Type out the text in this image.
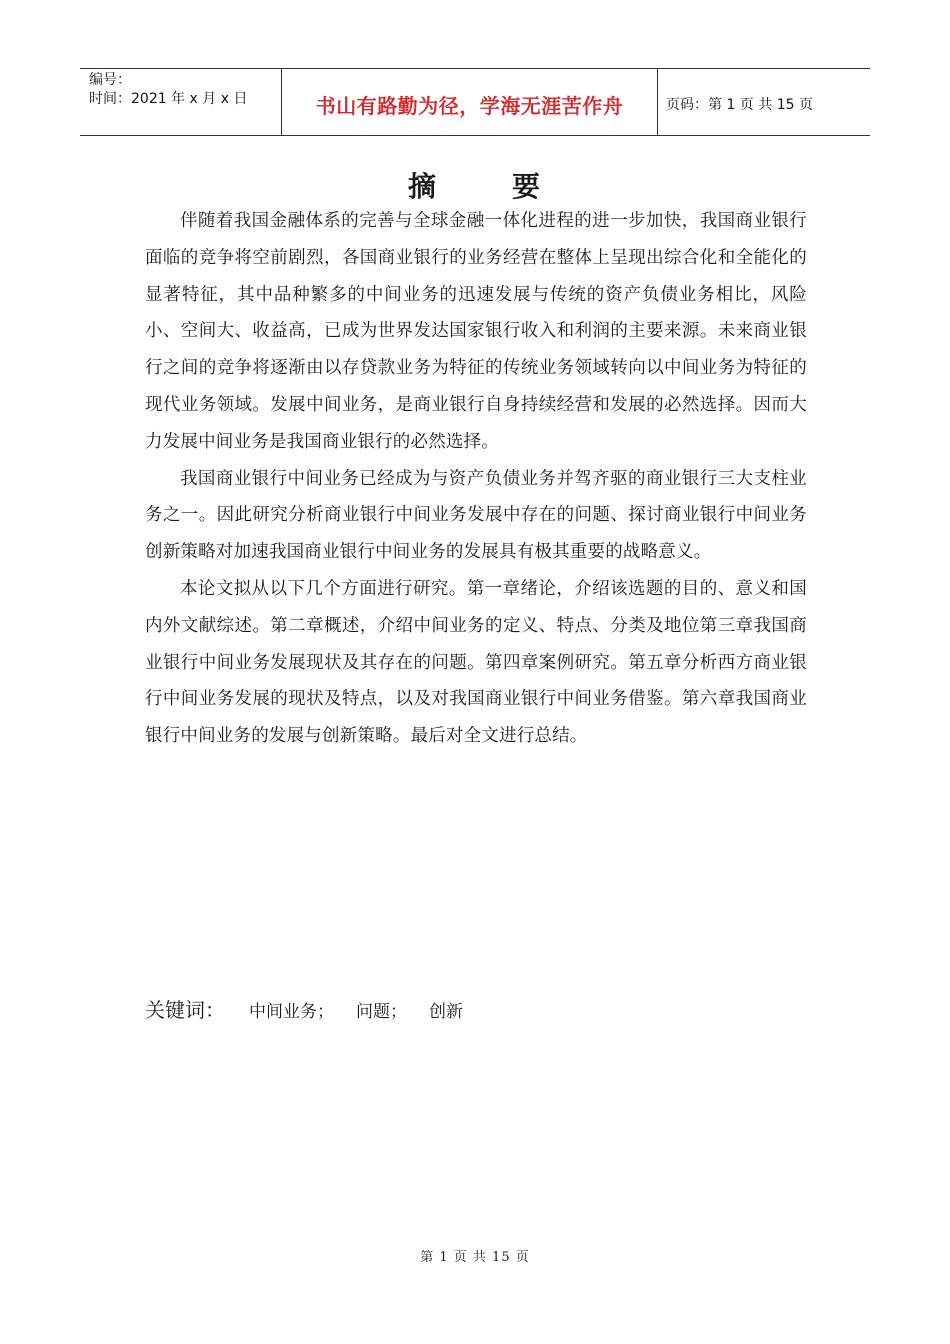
编号：
时间：2021 年 x 月 x 日	书山有路勤为径，学海无涯苦作舟	页码：第 1 页 共 15 页
摘	要

伴随着我国金融体系的完善与全球金融一体化进程的进一步加快，我国商业银行面临的竞争将空前剧烈，各国商业银行的业务经营在整体上呈现出综合化和全能化的显著特征，其中品种繁多的中间业务的迅速发展与传统的资产负债业务相比，风险小、空间大、收益高，已成为世界发达国家银行收入和利润的主要来源。未来商业银行之间的竞争将逐渐由以存贷款业务为特征的传统业务领域转向以中间业务为特征的现代业务领域。发展中间业务，是商业银行自身持续经营和发展的必然选择。因而大力发展中间业务是我国商业银行的必然选择。

我国商业银行中间业务已经成为与资产负债业务并驾齐驱的商业银行三大支柱业务之一。因此研究分析商业银行中间业务发展中存在的问题、探讨商业银行中间业务创新策略对加速我国商业银行中间业务的发展具有极其重要的战略意义。

本论文拟从以下几个方面进行研究。第一章绪论，介绍该选题的目的、意义和国内外文献综述。第二章概述，介绍中间业务的定义、特点、分类及地位第三章我国商业银行中间业务发展现状及其存在的问题。第四章案例研究。第五章分析西方商业银行中间业务发展的现状及特点，以及对我国商业银行中间业务借鉴。第六章我国商业银行中间业务的发展与创新策略。最后对全文进行总结。

关键词： 中间业务； 问题； 创新
第 1 页 共 15 页
